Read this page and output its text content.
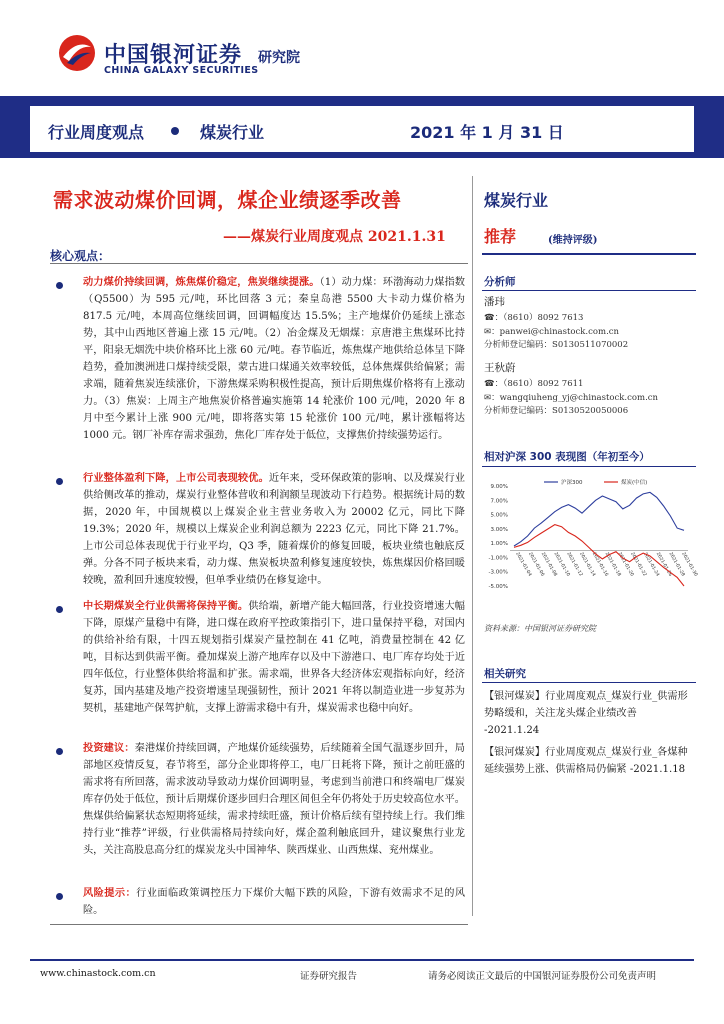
中国银河证券
CHINA GALAXY SECURITIES
研究院
行业周度观点	煤炭行业	2021 年 1 月 31 日
需求波动煤价回调，煤企业绩逐季改善
——煤炭行业周度观点 2021.1.31
核心观点：
动力煤价持续回调，炼焦煤价稳定，焦炭继续提涨。（1）动力煤：环渤海动力煤指数（Q5500）为 595 元/吨，环比回落 3 元；秦皇岛港 5500 大卡动力煤价格为 817.5 元/吨，本周高位继续回调，回调幅度达 15.5%；主产地煤价仍延续上涨态势，其中山西地区普遍上涨 15 元/吨。（2）冶金煤及无烟煤：京唐港主焦煤环比持平，阳泉无烟洗中块价格环比上涨 60 元/吨。春节临近，炼焦煤产地供给总体呈下降趋势，叠加澳洲进口煤持续受限，蒙古进口煤通关效率较低，总体焦煤供给偏紧；需求端，随着焦炭连续涨价，下游焦煤采购积极性提高，预计后期焦煤价格将有上涨动力。（3）焦炭：上周主产地焦炭价格普遍实施第 14 轮涨价 100 元/吨，2020 年 8 月中至今累计上涨 900 元/吨，即将落实第 15 轮涨价 100 元/吨，累计涨幅将达 1000 元。钢厂补库存需求强劲，焦化厂库存处于低位，支撑焦价持续强势运行。
行业整体盈利下降，上市公司表现较优。近年来，受环保政策的影响、以及煤炭行业供给侧改革的推动，煤炭行业整体营收和利润额呈现波动下行趋势。根据统计局的数据，2020 年，中国规模以上煤炭企业主营业务收入为 20002 亿元，同比下降 19.3%；2020 年，规模以上煤炭企业利润总额为 2223 亿元，同比下降 21.7%。上市公司总体表现优于行业平均，Q3 季，随着煤价的修复回暖，板块业绩也触底反弹。分各不同子板块来看，动力煤、焦炭板块盈利修复速度较快，炼焦煤因价格回暖较晚，盈利回升速度较慢，但单季业绩仍在修复途中。
中长期煤炭全行业供需将保持平衡。供给端，新增产能大幅回落，行业投资增速大幅下降，原煤产量稳中有降，进口煤在政府平控政策指引下，进口量保持平稳，对国内的供给补给有限，十四五规划指引煤炭产量控制在 41 亿吨，消费量控制在 42 亿吨，目标达到供需平衡。叠加煤炭上游产地库存以及中下游港口、电厂库存均处于近四年低位，行业整体供给将温和扩张。需求端，世界各大经济体宏观指标向好，经济复苏，国内基建及地产投资增速呈现强韧性，预计 2021 年将以制造业进一步复苏为契机，基建地产保驾护航，支撑上游需求稳中有升，煤炭需求也稳中向好。
投资建议：秦港煤价持续回调，产地煤价延续强势，后续随着全国气温逐步回升，局部地区疫情反复，春节将至，部分企业即将停工，电厂日耗将下降，预计之前旺盛的需求将有所回落，需求波动导致动力煤价回调明显，考虑到当前港口和终端电厂煤炭库存仍处于低位，预计后期煤价逐步回归合理区间但全年仍将处于历史较高位水平。焦煤供给偏紧状态短期将延续，需求持续旺盛，预计价格后续有望持续上行。我们维持行业“推荐”评级，行业供需格局持续向好，煤企盈利触底回升，建议聚焦行业龙头，关注高股息高分红的煤炭龙头中国神华、陕西煤业、山西焦煤、兖州煤业。
风险提示：行业面临政策调控压力下煤价大幅下跌的风险，下游有效需求不足的风险。
煤炭行业
推荐	(维持评级)
分析师
潘玮
☎：（8610）8092 7613
✉：panwei@chinastock.com.cn
分析师登记编码：S0130511070002
王秋蔚
☎：（8610）8092 7611
✉：wangqiuheng_yj@chinastock.com.cn
分析师登记编码：S0130520050006
相对沪深 300 表现图（年初至今）
9.00%
7.00%
5.00%
3.00%
1.00%
-1.00%
-3.00%
-5.00%
2021-01-04
2021-01-06
2021-01-08
2021-01-10
2021-01-12
2021-01-14
2021-01-16
2021-01-18
2021-01-20
2021-01-22
2021-01-24
2021-01-26
2021-01-28
2021-01-30
沪深300	煤炭(中信)
资料来源：中国银河证券研究院
相关研究
【银河煤炭】行业周度观点_煤炭行业_供需形势略缓和，关注龙头煤企业绩改善 -2021.1.24
【银河煤炭】行业周度观点_煤炭行业_各煤种延续强势上涨、供需格局仍偏紧 -2021.1.18
www.chinastock.com.cn	证券研究报告	请务必阅读正文最后的中国银河证券股份公司免责声明
